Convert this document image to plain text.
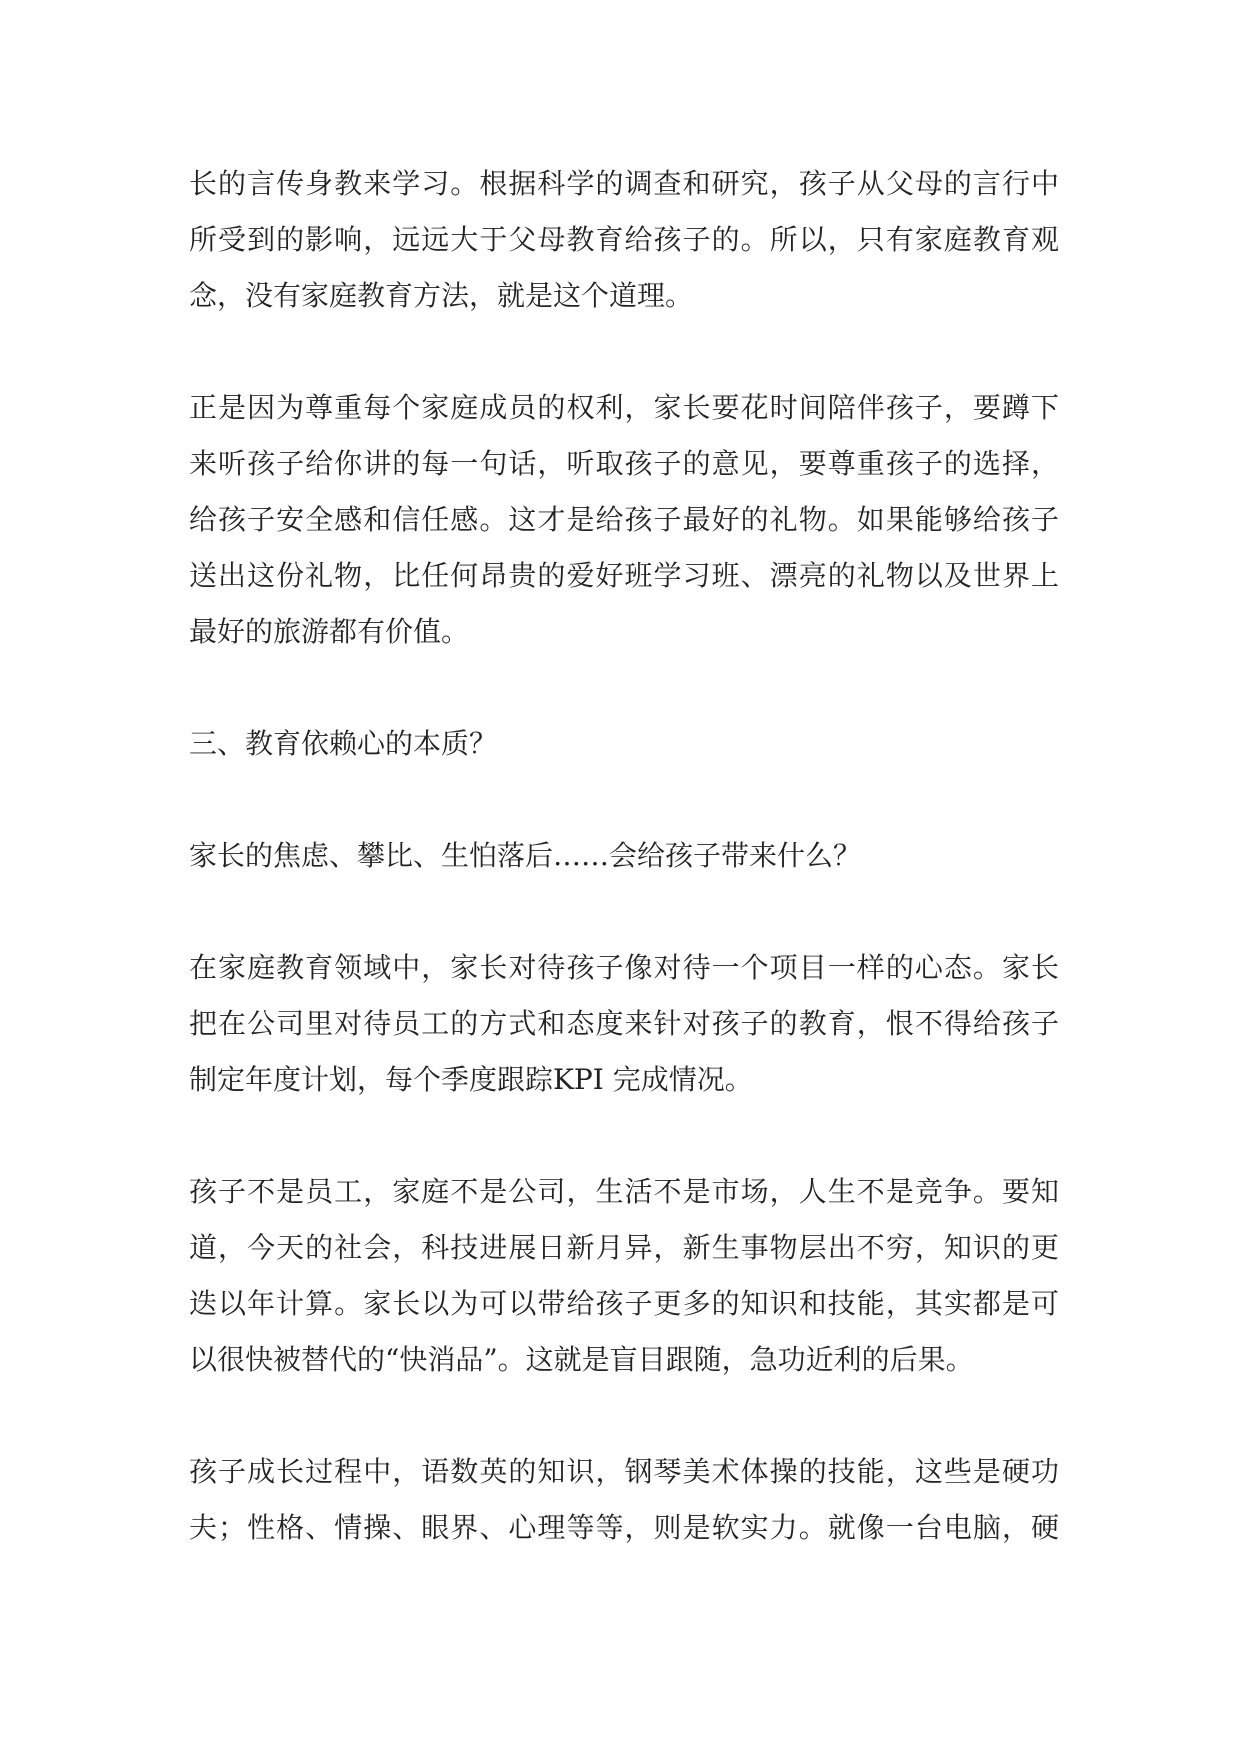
长的言传身教来学习。根据科学的调查和研究，孩子从父母的言行中
所受到的影响，远远大于父母教育给孩子的。所以，只有家庭教育观
念，没有家庭教育方法，就是这个道理。
正是因为尊重每个家庭成员的权利，家长要花时间陪伴孩子，要蹲下
来听孩子给你讲的每一句话，听取孩子的意见，要尊重孩子的选择，
给孩子安全感和信任感。这才是给孩子最好的礼物。如果能够给孩子
送出这份礼物，比任何昂贵的爱好班学习班、漂亮的礼物以及世界上
最好的旅游都有价值。
三、教育依赖心的本质？
家长的焦虑、攀比、生怕落后……会给孩子带来什么？
在家庭教育领域中，家长对待孩子像对待一个项目一样的心态。家长
把在公司里对待员工的方式和态度来针对孩子的教育，恨不得给孩子
制定年度计划，每个季度跟踪KPI 完成情况。
孩子不是员工，家庭不是公司，生活不是市场，人生不是竞争。要知
道，今天的社会，科技进展日新月异，新生事物层出不穷，知识的更
迭以年计算。家长以为可以带给孩子更多的知识和技能，其实都是可
以很快被替代的“快消品”。这就是盲目跟随，急功近利的后果。
孩子成长过程中，语数英的知识，钢琴美术体操的技能，这些是硬功
夫；性格、情操、眼界、心理等等，则是软实力。就像一台电脑，硬
